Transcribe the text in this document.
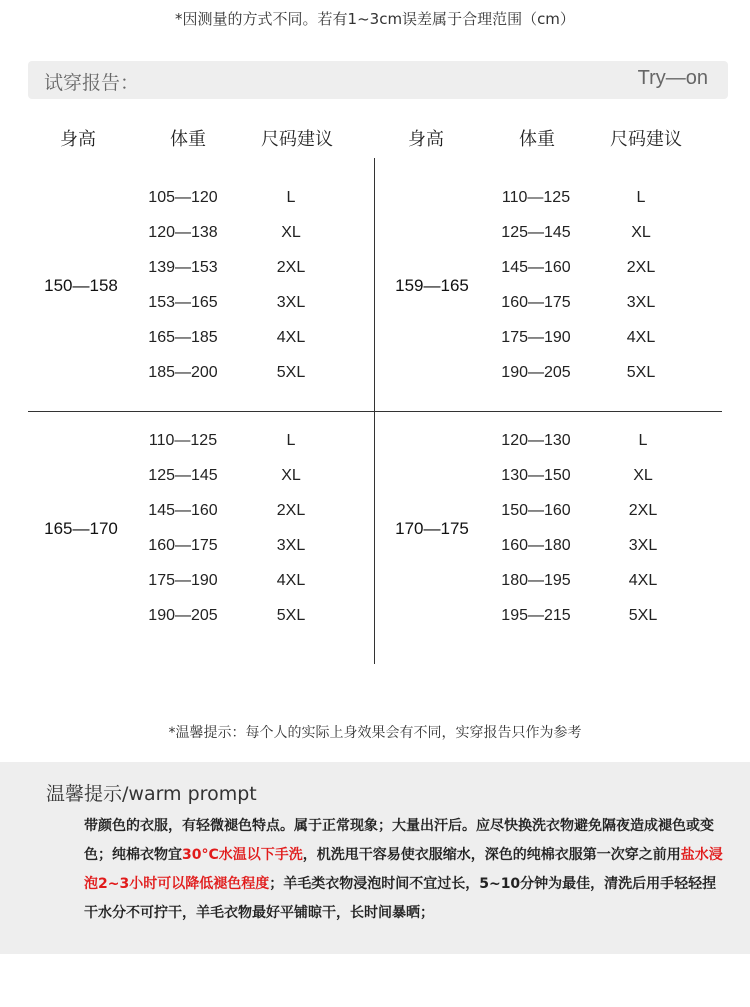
*因测量的方式不同。若有1~3cm误差属于合理范围（cm）
试穿报告：	Try—on
身高	体重	尺码建议	身高	体重	尺码建议
150—158
105—120	L
120—138	XL
139—153	2XL
153—165	3XL
165—185	4XL
185—200	5XL
159—165
110—125	L
125—145	XL
145—160	2XL
160—175	3XL
175—190	4XL
190—205	5XL
165—170
110—125	L
125—145	XL
145—160	2XL
160—175	3XL
175—190	4XL
190—205	5XL
170—175
120—130	L
130—150	XL
150—160	2XL
160—180	3XL
180—195	4XL
195—215	5XL
*温馨提示：每个人的实际上身效果会有不同，实穿报告只作为参考
温馨提示/warm prompt
带颜色的衣服，有轻微褪色特点。属于正常现象；大量出汗后。应尽快换洗衣物避免隔夜造成褪色或变色；纯棉衣物宜30°C水温以下手洗，机洗甩干容易使衣服缩水，深色的纯棉衣服第一次穿之前用盐水浸泡2~3小时可以降低褪色程度；羊毛类衣物浸泡时间不宜过长，5~10分钟为最佳，清洗后用手轻轻捏干水分不可拧干，羊毛衣物最好平铺晾干，长时间暴晒；
